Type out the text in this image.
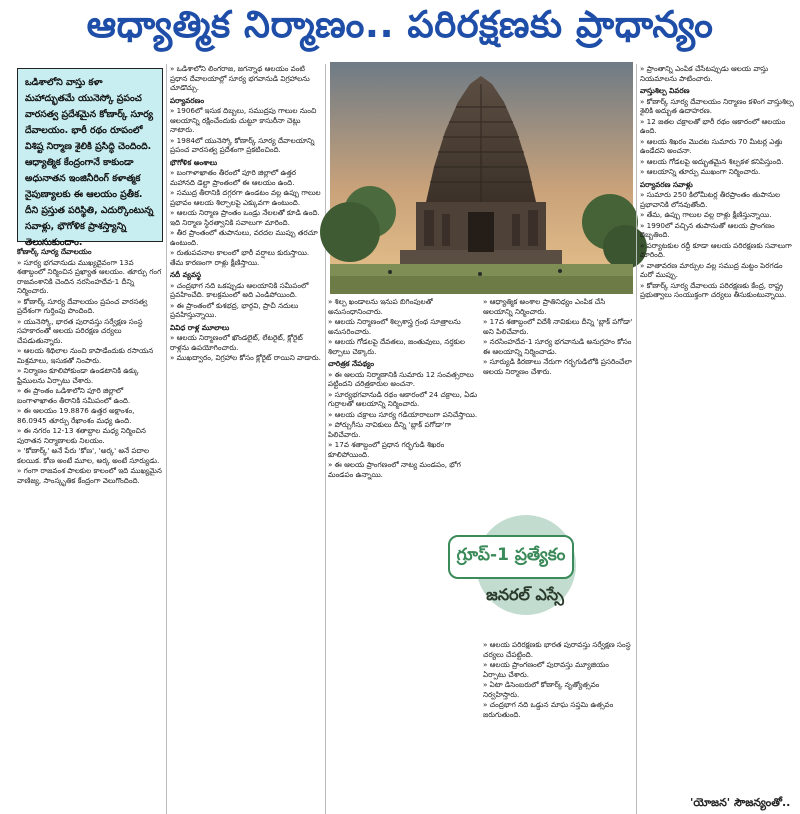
ఆధ్యాత్మిక నిర్మాణం.. పరిరక్షణకు ప్రాధాన్యం
ఒడిశాలోని వాస్తు కళా మహాద్భుతమే యునెస్కో ప్రపంచ వారసత్వ ప్రదేశమైన కోణార్క్ సూర్య దేవాలయం. భారీ రథం రూపంలో విశిష్ట నిర్మాణ శైలికి ప్రసిద్ధి చెందింది. ఆధ్యాత్మిక కేంద్రంగానే కాకుండా అధునాతన ఇంజినీరింగ్ కళాత్మక నైపుణ్యాలకు ఈ ఆలయం ప్రతీక. దీని ప్రస్తుత పరిస్థితి, ఎదుర్కొంటున్న సవాళ్లు, భౌగోళిక ప్రాశస్త్యాన్ని తెలుసుకుందాం.

కోణార్క్ సూర్య దేవాలయం

» సూర్య భగవానుడు ముఖ్యదైవంగా 13వ శతాబ్దంలో నిర్మించిన ప్రఖ్యాత ఆలయం. తూర్పు గంగ రాజవంశానికి చెందిన నరసింహదేవ-1 దీన్ని నిర్మించారు.

» కోణార్క్ సూర్య దేవాలయం ప్రపంచ వారసత్వ ప్రదేశంగా గుర్తింపు పొందింది.

» యునెస్కో, భారత పురావస్తు సర్వేక్షణ సంస్థ సహకారంతో ఆలయ పరిరక్షణ చర్యలు చేపడుతున్నారు.

» ఆలయ శిథిలాల నుంచి కాపాడేందుకు రసాయన మిశ్రమాలు, ఇసుకతో నింపారు.

» నిర్మాణం కూలిపోకుండా ఉండటానికి ఉక్కు ఫ్రేములను ఏర్పాటు చేశారు.

» ఈ ప్రాంతం ఒడిశాలోని పూరి జిల్లాలో బంగాళాఖాతం తీరానికి సమీపంలో ఉంది.

» ఈ ఆలయం 19.8876 ఉత్తర అక్షాంశం, 86.0945 తూర్పు రేఖాంశం మధ్య ఉంది.

» ఈ నగరం 12-13 శతాబ్దాల మధ్య నిర్మించిన పురాతన నిర్మాణాలకు నిలయం.

» 'కోణార్క్' అనే పేరు 'కోణ', 'అర్క' అనే పదాల కలయిక. కోణ అంటే మూల, అర్క అంటే సూర్యుడు.

» గంగా రాజవంశ పాలకుల కాలంలో ఇది ముఖ్యమైన వాణిజ్య, సాంస్కృతిక కేంద్రంగా వెలుగొందింది.

» ఒడిశాలోని లింగరాజ, జగన్నాథ ఆలయం వంటి ప్రధాన దేవాలయాల్లో సూర్య భగవానుడి విగ్రహాలను చూడొచ్చు.

పర్యావరణం

» 1906లో ఇసుక దిబ్బలు, సముద్రపు గాలుల నుంచి ఆలయాన్ని రక్షించేందుకు చుట్టూ కాసురీనా చెట్లు నాటారు.

» 1984లో యునెస్కో కోణార్క్ సూర్య దేవాలయాన్ని ప్రపంచ వారసత్వ ప్రదేశంగా ప్రకటించింది.

భౌగోళిక అంశాలు

» బంగాళాఖాతం తీరంలో పూరి జిల్లాలో ఉత్తర మహానది డెల్టా ప్రాంతంలో ఈ ఆలయం ఉంది.

» సముద్ర తీరానికి దగ్గరగా ఉండటం వల్ల ఉప్పు గాలుల ప్రభావం ఆలయ శిల్పాలపై ఎక్కువగా ఉంటుంది.

» ఆలయ నిర్మాణ ప్రాంతం ఒండ్రు నేలలతో కూడి ఉంది. ఇది నిర్మాణ స్థిరత్వానికి సవాలుగా మారింది.

» తీర ప్రాంతంలో తుపానులు, వరదల ముప్పు తరచూ ఉంటుంది.

» రుతుపవనాల కాలంలో భారీ వర్షాలు కురుస్తాయి. తేమ కారణంగా రాళ్లు క్షీణిస్తాయి.

నదీ వ్యవస్థ

» చంద్రభాగ నది ఒకప్పుడు ఆలయానికి సమీపంలో ప్రవహించేది. కాలక్రమంలో అది ఎండిపోయింది.

» ఈ ప్రాంతంలో కుశభద్ర, భార్గవి, ప్రాచీ నదులు ప్రవహిస్తున్నాయి.

వివిధ రాళ్ల మూలాలు

» ఆలయ నిర్మాణంలో ఖొండలైట్, లేటరైట్, క్లోరైట్ రాళ్లను ఉపయోగించారు.

» ముఖద్వారం, విగ్రహాల కోసం క్లోరైట్ రాయిని వాడారు.

» శిల్ప ఖండాలను ఇనుప బిగింపులతో అనుసంధానించారు.

» ఆలయ నిర్మాణంలో శిల్పశాస్త్ర గ్రంథ సూత్రాలను అనుసరించారు.

» ఆలయ గోడలపై దేవతలు, జంతువులు, నర్తకుల శిల్పాలు చెక్కారు.

చారిత్రక నేపథ్యం

» ఈ ఆలయ నిర్మాణానికి సుమారు 12 సంవత్సరాలు పట్టిందని చరిత్రకారుల అంచనా.

» సూర్యభగవానుడి రథం ఆకారంలో 24 చక్రాలు, ఏడు గుర్రాలతో ఆలయాన్ని నిర్మించారు.

» ఆలయ చక్రాలు సూర్య గడియారాలుగా పనిచేస్తాయి.

» పోర్చుగీసు నావికులు దీన్ని 'బ్లాక్ పగోడా'గా పిలిచేవారు.

» 17వ శతాబ్దంలో ప్రధాన గర్భగుడి శిఖరం కూలిపోయింది.

» ఈ ఆలయ ప్రాంగణంలో నాట్య మండపం, భోగ మండపం ఉన్నాయి.

» ఆధ్యాత్మిక అంశాల ప్రాతినిధ్యం ఎంపిక చేసి ఆలయాన్ని నిర్మించారు.

» 17వ శతాబ్దంలో విదేశీ నావికులు దీన్ని 'బ్లాక్ పగోడా' అని పిలిచేవారు.

» నరసింహదేవ-1 సూర్య భగవానుడి అనుగ్రహం కోసం ఈ ఆలయాన్ని నిర్మించాడు.

» సూర్యుడి కిరణాలు నేరుగా గర్భగుడిలోకి ప్రసరించేలా ఆలయ నిర్మాణం చేశారు.

గ్రూప్-1 ప్రత్యేకం
జనరల్ ఎస్సే

» ఆలయ పరిరక్షణకు భారత పురావస్తు సర్వేక్షణ సంస్థ చర్యలు చేపట్టింది.

» ఆలయ ప్రాంగణంలో పురావస్తు మ్యూజియం ఏర్పాటు చేశారు.

» ఏటా డిసెంబరులో కోణార్క్ నృత్యోత్సవం నిర్వహిస్తారు.

» చంద్రభాగ నది ఒడ్డున మాఘ సప్తమి ఉత్సవం జరుగుతుంది.

» ప్రాంతాన్ని ఎంపిక చేసేటప్పుడు ఆలయ వాస్తు నియమాలను పాటించారు.

వాస్తుశిల్ప వివరణ

» కోణార్క్ సూర్య దేవాలయం నిర్మాణం కళింగ వాస్తుశిల్ప శైలికి అద్భుత ఉదాహరణ.

» 12 జతల చక్రాలతో భారీ రథం ఆకారంలో ఆలయం ఉంది.

» ఆలయ శిఖరం మొదట సుమారు 70 మీటర్ల ఎత్తు ఉండేదని అంచనా.

» ఆలయ గోడలపై అద్భుతమైన శిల్పకళ కనిపిస్తుంది.

» ఆలయాన్ని తూర్పు ముఖంగా నిర్మించారు.

పర్యావరణ సవాళ్లు

» సుమారు 250 కిలోమీటర్ల తీరప్రాంతం తుపానుల ప్రభావానికి లోనవుతోంది.

» తేమ, ఉప్పు గాలుల వల్ల రాళ్లు క్షీణిస్తున్నాయి.

» 1990లో వచ్చిన తుపానుతో ఆలయ ప్రాంగణం దెబ్బతింది.

» పర్యాటకుల రద్దీ కూడా ఆలయ పరిరక్షణకు సవాలుగా మారింది.

» వాతావరణ మార్పుల వల్ల సముద్ర మట్టం పెరగడం మరో ముప్పు.

» కోణార్క్ సూర్య దేవాలయ పరిరక్షణకు కేంద్ర, రాష్ట్ర ప్రభుత్వాలు సంయుక్తంగా చర్యలు తీసుకుంటున్నాయి.

'యోజన' సౌజన్యంతో..
